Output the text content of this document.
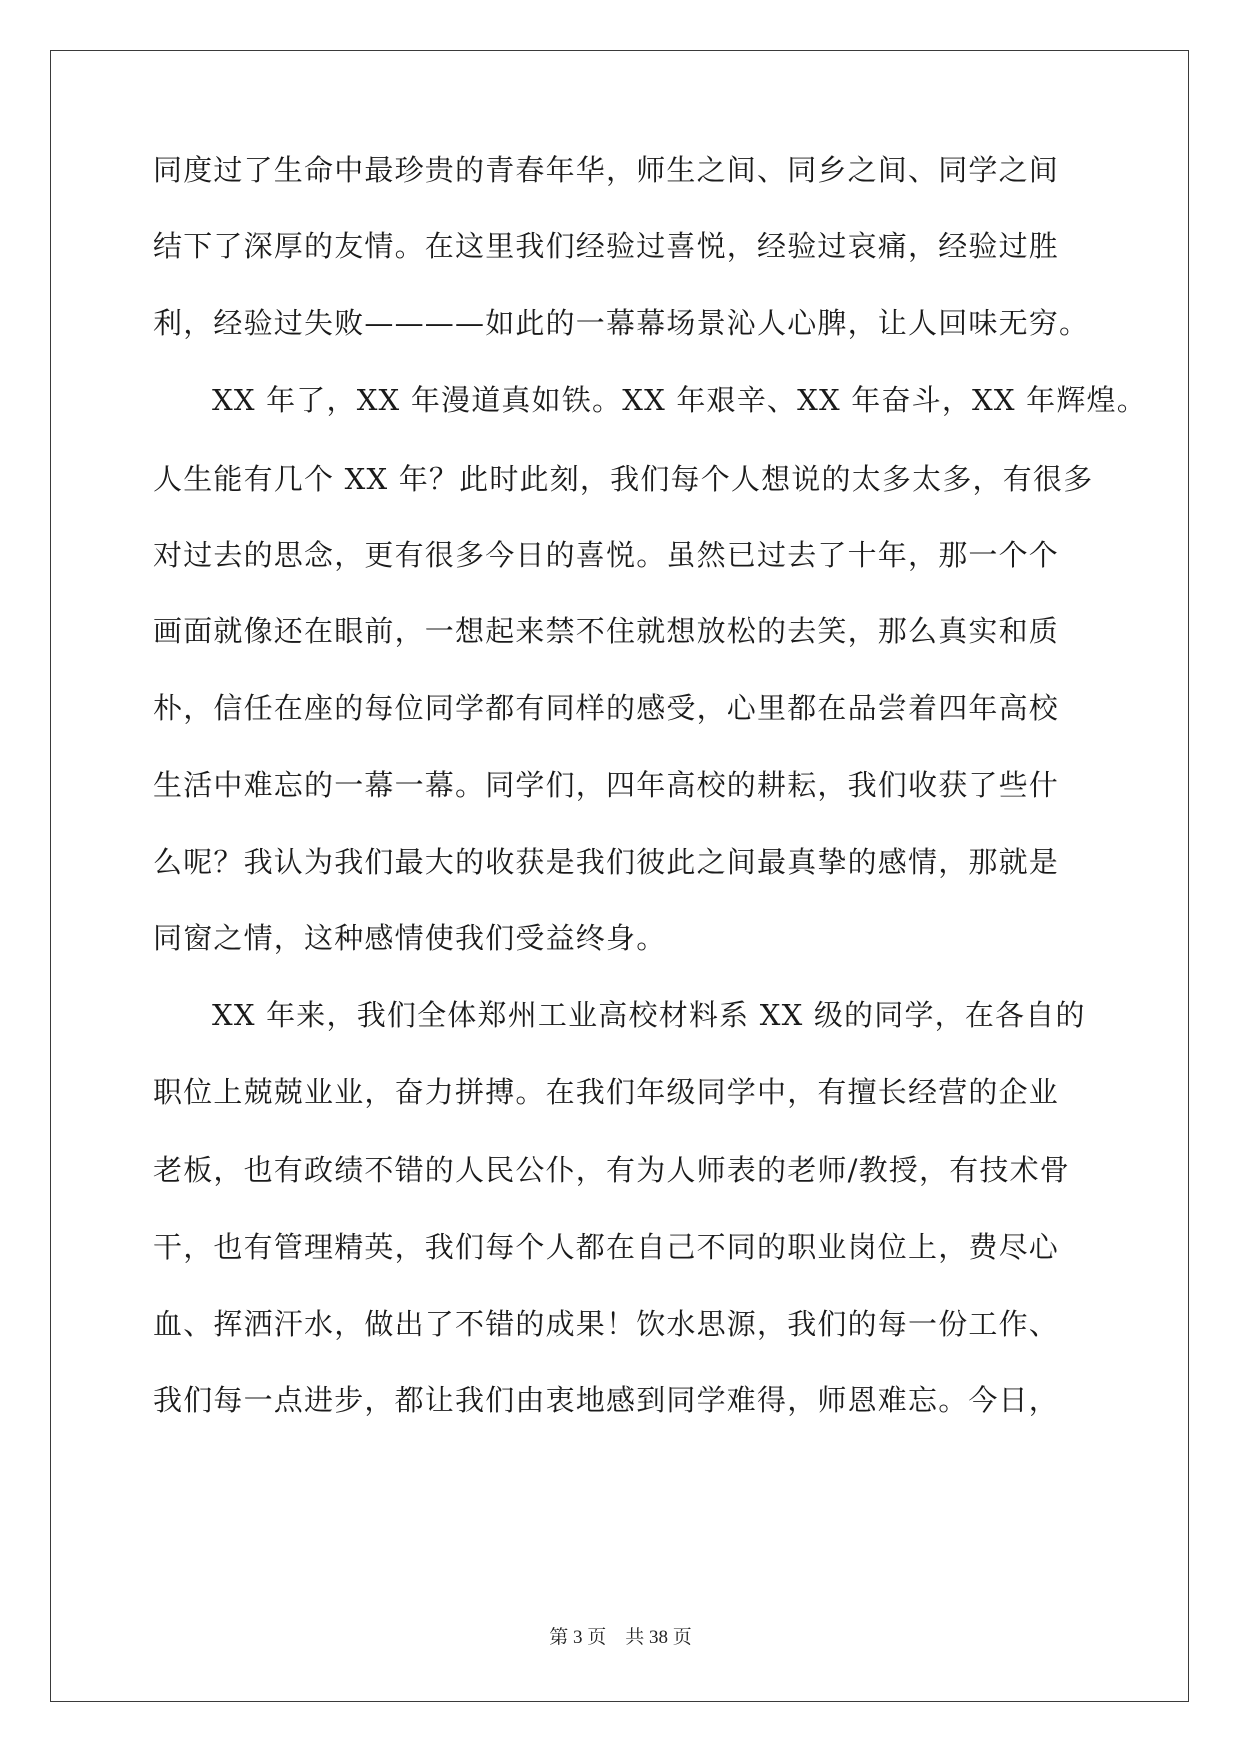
同度过了生命中最珍贵的青春年华，师生之间、同乡之间、同学之间
结下了深厚的友情。在这里我们经验过喜悦，经验过哀痛，经验过胜
利，经验过失败————如此的一幕幕场景沁人心脾，让人回味无穷。
XX 年了，XX 年漫道真如铁。XX 年艰辛、XX 年奋斗，XX 年辉煌。
人生能有几个 XX 年？此时此刻，我们每个人想说的太多太多，有很多
对过去的思念，更有很多今日的喜悦。虽然已过去了十年，那一个个
画面就像还在眼前，一想起来禁不住就想放松的去笑，那么真实和质
朴，信任在座的每位同学都有同样的感受，心里都在品尝着四年高校
生活中难忘的一幕一幕。同学们，四年高校的耕耘，我们收获了些什
么呢？我认为我们最大的收获是我们彼此之间最真挚的感情，那就是
同窗之情，这种感情使我们受益终身。
XX 年来，我们全体郑州工业高校材料系 XX 级的同学，在各自的
职位上兢兢业业，奋力拼搏。在我们年级同学中，有擅长经营的企业
老板，也有政绩不错的人民公仆，有为人师表的老师/教授，有技术骨
干，也有管理精英，我们每个人都在自己不同的职业岗位上，费尽心
血、挥洒汗水，做出了不错的成果！饮水思源，我们的每一份工作、
我们每一点进步，都让我们由衷地感到同学难得，师恩难忘。今日，
第 3 页 共 38 页
